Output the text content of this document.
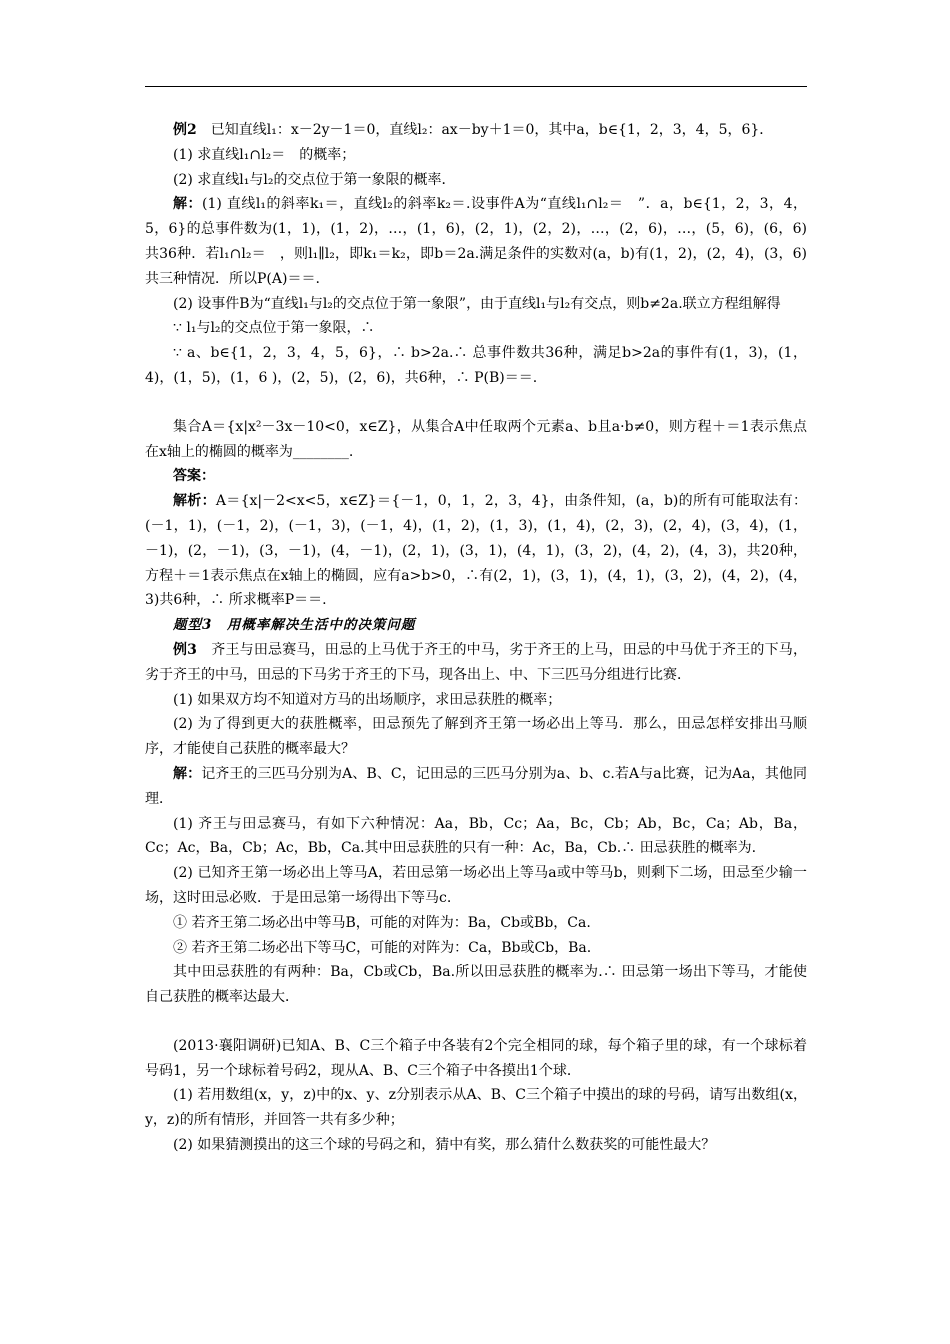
例2　已知直线l₁：x－2y－1＝0，直线l₂：ax－by＋1＝0，其中a，b∈{1，2，3，4，5，6}．

(1) 求直线l₁∩l₂＝　的概率；

(2) 求直线l₁与l₂的交点位于第一象限的概率．

解：(1) 直线l₁的斜率k₁＝，直线l₂的斜率k₂＝.设事件A为“直线l₁∩l₂＝　”．a，b∈{1，2，3，4，5，6}的总事件数为(1，1)，(1，2)，…，(1，6)，(2，1)，(2，2)，…，(2，6)，…，(5，6)，(6，6)共36种．若l₁∩l₂＝　，则l₁∥l₂，即k₁＝k₂，即b＝2a.满足条件的实数对(a，b)有(1，2)，(2，4)，(3，6)共三种情况．所以P(A)＝＝.

(2) 设事件B为“直线l₁与l₂的交点位于第一象限”，由于直线l₁与l₂有交点，则b≠2a.联立方程组解得

∵ l₁与l₂的交点位于第一象限，∴

∵ a、b∈{1，2，3，4，5，6}，∴ b>2a.∴ 总事件数共36种，满足b>2a的事件有(1，3)，(1，4)，(1，5)，(1，6 )，(2，5)，(2，6)，共6种，∴ P(B)＝＝.

集合A＝{x|x²－3x－10<0，x∈Z}，从集合A中任取两个元素a、b且a·b≠0，则方程＋＝1表示焦点在x轴上的椭圆的概率为________.

答案：

解析：A＝{x|－2<x<5，x∈Z}＝{－1，0，1，2，3，4}，由条件知，(a，b)的所有可能取法有：(－1，1)，(－1，2)，(－1，3)，(－1，4)，(1，2)，(1，3)，(1，4)，(2，3)，(2，4)，(3，4)，(1，－1)，(2，－1)，(3，－1)，(4，－1)，(2，1)，(3，1)，(4，1)，(3，2)，(4，2)，(4，3)，共20种，方程＋＝1表示焦点在x轴上的椭圆，应有a>b>0，∴有(2，1)，(3，1)，(4，1)，(3，2)，(4，2)，(4，3)共6种，∴ 所求概率P＝＝.

题型3　用概率解决生活中的决策问题

例3　齐王与田忌赛马，田忌的上马优于齐王的中马，劣于齐王的上马，田忌的中马优于齐王的下马，劣于齐王的中马，田忌的下马劣于齐王的下马，现各出上、中、下三匹马分组进行比赛．

(1) 如果双方均不知道对方马的出场顺序，求田忌获胜的概率；

(2) 为了得到更大的获胜概率，田忌预先了解到齐王第一场必出上等马．那么，田忌怎样安排出马顺序，才能使自己获胜的概率最大？

解：记齐王的三匹马分别为A、B、C，记田忌的三匹马分别为a、b、c.若A与a比赛，记为Aa，其他同理．

(1) 齐王与田忌赛马，有如下六种情况：Aa，Bb，Cc；Aa，Bc，Cb；Ab，Bc，Ca；Ab，Ba，Cc；Ac，Ba，Cb；Ac，Bb，Ca.其中田忌获胜的只有一种：Ac，Ba，Cb.∴ 田忌获胜的概率为.

(2) 已知齐王第一场必出上等马A，若田忌第一场必出上等马a或中等马b，则剩下二场，田忌至少输一场，这时田忌必败．于是田忌第一场得出下等马c.

① 若齐王第二场必出中等马B，可能的对阵为：Ba，Cb或Bb，Ca.

② 若齐王第二场必出下等马C，可能的对阵为：Ca，Bb或Cb，Ba.

其中田忌获胜的有两种：Ba，Cb或Cb，Ba.所以田忌获胜的概率为.∴ 田忌第一场出下等马，才能使自己获胜的概率达最大．

(2013·襄阳调研)已知A、B、C三个箱子中各装有2个完全相同的球，每个箱子里的球，有一个球标着号码1，另一个球标着号码2，现从A、B、C三个箱子中各摸出1个球．

(1) 若用数组(x，y，z)中的x、y、z分别表示从A、B、C三个箱子中摸出的球的号码，请写出数组(x，y，z)的所有情形，并回答一共有多少种；

(2) 如果猜测摸出的这三个球的号码之和，猜中有奖，那么猜什么数获奖的可能性最大？
